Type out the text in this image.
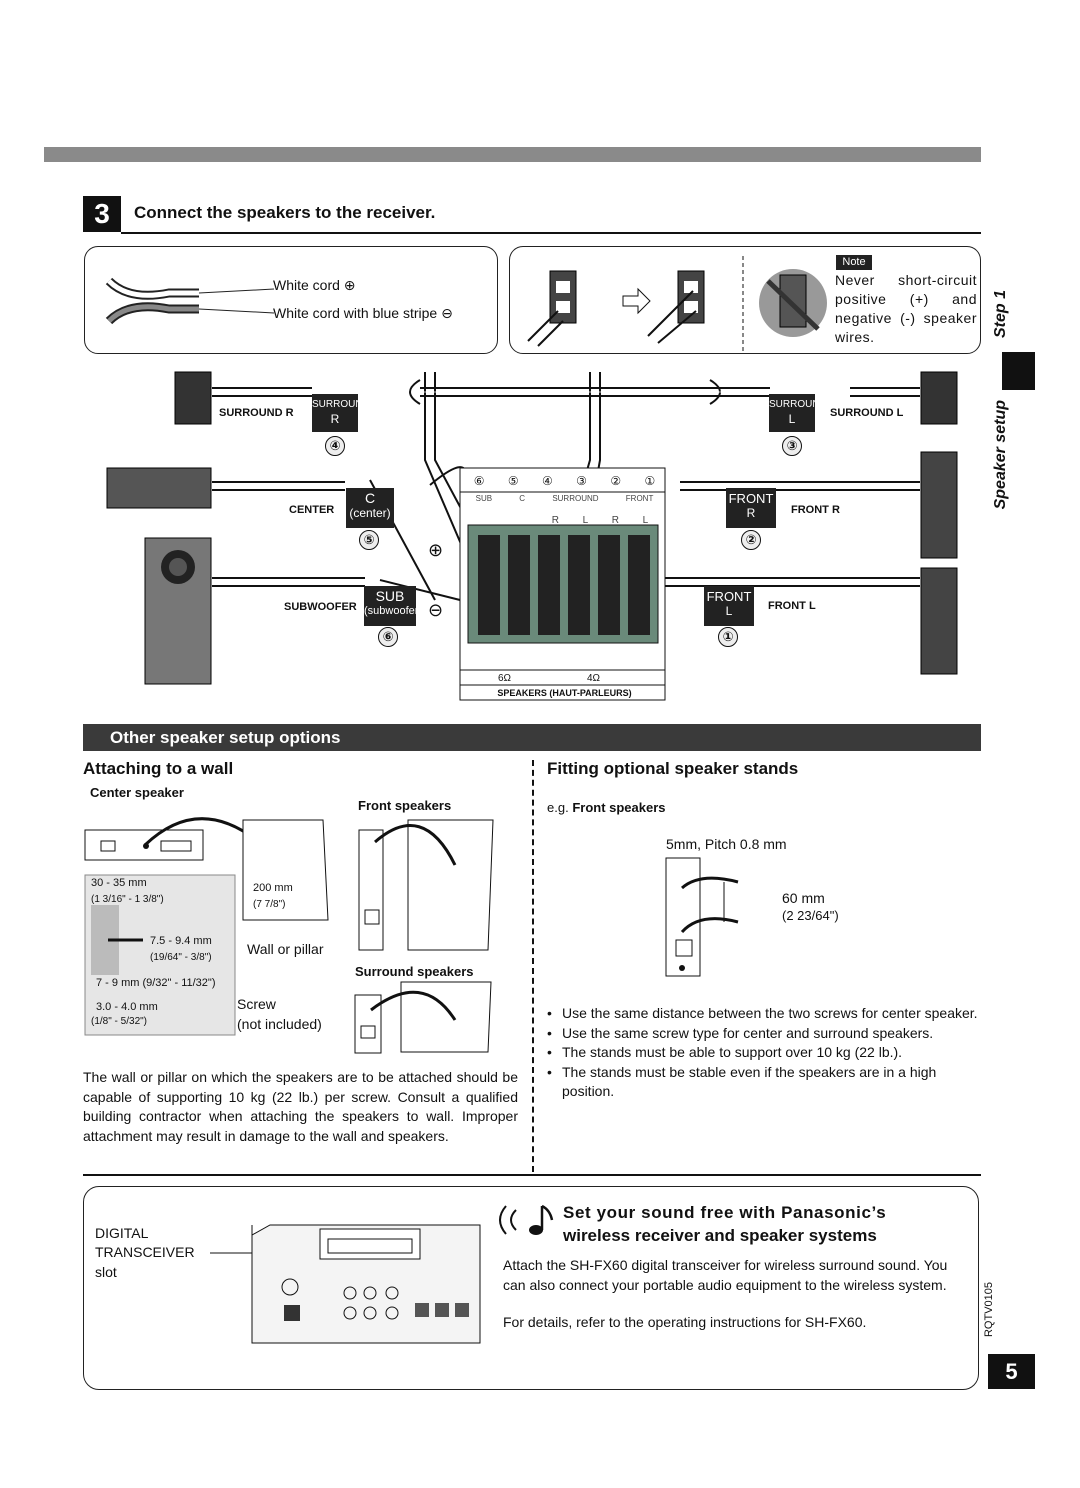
3	Connect the speakers to the receiver.
Step 1
Speaker setup
White cord ⊕
White cord with blue stripe ⊖
Note
Never short-circuit positive (+) and negative (-) speaker wires.
SURROUND R	SURROUND L
CENTER	FRONT R
SUBWOOFER	FRONT L
SURROUND
R
SURROUND
L
C
(center)
FRONT
R
SUB
(subwoofer)
FRONT
L
④	③
⑤	②
⑥	①
⊕
⊖
⑥ ⑤ ④ ③ ② ①
SUB	C	SURROUND	FRONT
R L R L
6Ω	4Ω
SPEAKERS (HAUT-PARLEURS)
Other speaker setup options
Attaching to a wall
Center speaker
Front speakers
Surround speakers
30 - 35 mm
(1 3/16" - 1 3/8")
7.5 - 9.4 mm
(19/64" - 3/8")
7 - 9 mm (9/32" - 11/32")
3.0 - 4.0 mm
(1/8" - 5/32")
200 mm
(7 7/8")
Wall or pillar
Screw
(not included)
The wall or pillar on which the speakers are to be attached should be capable of supporting 10 kg (22 lb.) per screw. Consult a qualified building contractor when attaching the speakers to wall. Improper attachment may result in damage to the wall and speakers.
Fitting optional speaker stands
e.g. Front speakers
5mm, Pitch 0.8 mm
60 mm
(2 23/64")
• Use the same distance between the two screws for center speaker.
• Use the same screw type for center and surround speakers.
• The stands must be able to support over 10 kg (22 lb.).
• The stands must be stable even if the speakers are in a high position.
DIGITAL
TRANSCEIVER
slot
Set your sound free with Panasonic’s
wireless receiver and speaker systems
Attach the SH-FX60 digital transceiver for wireless surround sound. You can also connect your portable audio equipment to the wireless system.
For details, refer to the operating instructions for SH-FX60.	RQTV0105
5
